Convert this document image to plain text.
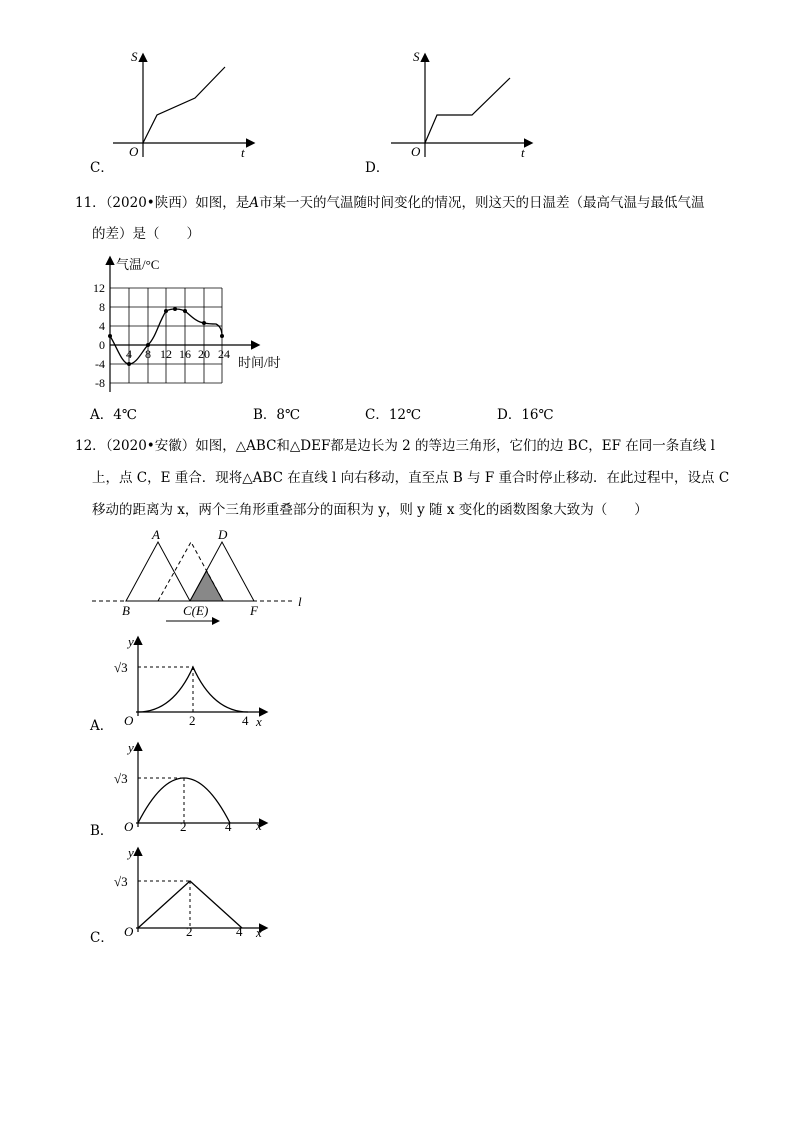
S
t
O
C．
S
t
O
D．
11．（2020•陕西）如图，是A市某一天的气温随时间变化的情况，则这天的日温差（最高气温与最低气温
的差）是（　　）
气温/°C
时间/时
12
8
4
0
-4
-8
4 8 12 16 20 24
A．4℃	B．8℃	C．12℃	D．16℃
12．（2020•安徽）如图，△ABC和△DEF都是边长为 2 的等边三角形，它们的边 BC，EF 在同一条直线 l
上，点 C，E 重合．现将△ABC 在直线 l 向右移动，直至点 B 与 F 重合时停止移动．在此过程中，设点 C
移动的距离为 x，两个三角形重叠部分的面积为 y，则 y 随 x 变化的函数图象大致为（　　）
A	D
B	C(E)	F
l
y
x
O
√3
2	4
A．
y
x
O
√3
2	4
B．
y
x
O
√3
2	4
C．
